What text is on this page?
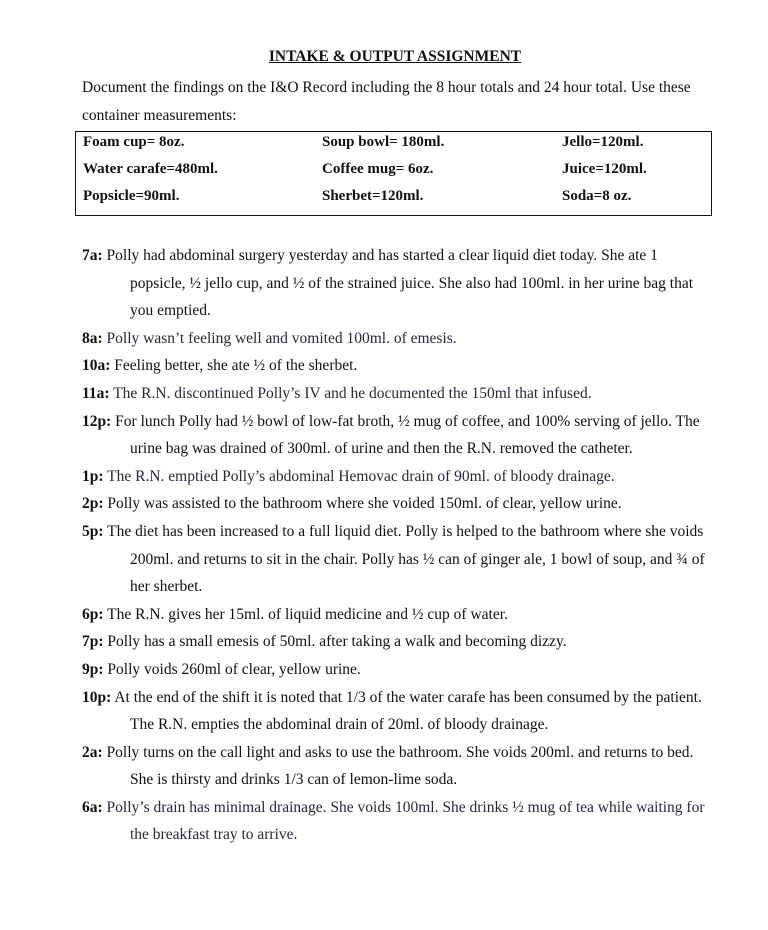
INTAKE & OUTPUT ASSIGNMENT
Document the findings on the I&O Record including the 8 hour totals and 24 hour total. Use these container measurements:
Foam cup= 8oz.	Soup bowl= 180ml.	Jello=120ml.
Water carafe=480ml.	Coffee mug= 6oz.	Juice=120ml.
Popsicle=90ml.	Sherbet=120ml.	Soda=8 oz.
7a: Polly had abdominal surgery yesterday and has started a clear liquid diet today. She ate 1 popsicle, ½ jello cup, and ½ of the strained juice. She also had 100ml. in her urine bag that you emptied.
8a: Polly wasn’t feeling well and vomited 100ml. of emesis.
10a: Feeling better, she ate ½ of the sherbet.
11a: The R.N. discontinued Polly’s IV and he documented the 150ml that infused.
12p: For lunch Polly had ½ bowl of low-fat broth, ½ mug of coffee, and 100% serving of jello. The urine bag was drained of 300ml. of urine and then the R.N. removed the catheter.
1p: The R.N. emptied Polly’s abdominal Hemovac drain of 90ml. of bloody drainage.
2p: Polly was assisted to the bathroom where she voided 150ml. of clear, yellow urine.
5p: The diet has been increased to a full liquid diet. Polly is helped to the bathroom where she voids 200ml. and returns to sit in the chair. Polly has ½ can of ginger ale, 1 bowl of soup, and ¾ of her sherbet.
6p: The R.N. gives her 15ml. of liquid medicine and ½ cup of water.
7p: Polly has a small emesis of 50ml. after taking a walk and becoming dizzy.
9p: Polly voids 260ml of clear, yellow urine.
10p: At the end of the shift it is noted that 1/3 of the water carafe has been consumed by the patient. The R.N. empties the abdominal drain of 20ml. of bloody drainage.
2a: Polly turns on the call light and asks to use the bathroom. She voids 200ml. and returns to bed. She is thirsty and drinks 1/3 can of lemon-lime soda.
6a: Polly’s drain has minimal drainage. She voids 100ml. She drinks ½ mug of tea while waiting for the breakfast tray to arrive.
